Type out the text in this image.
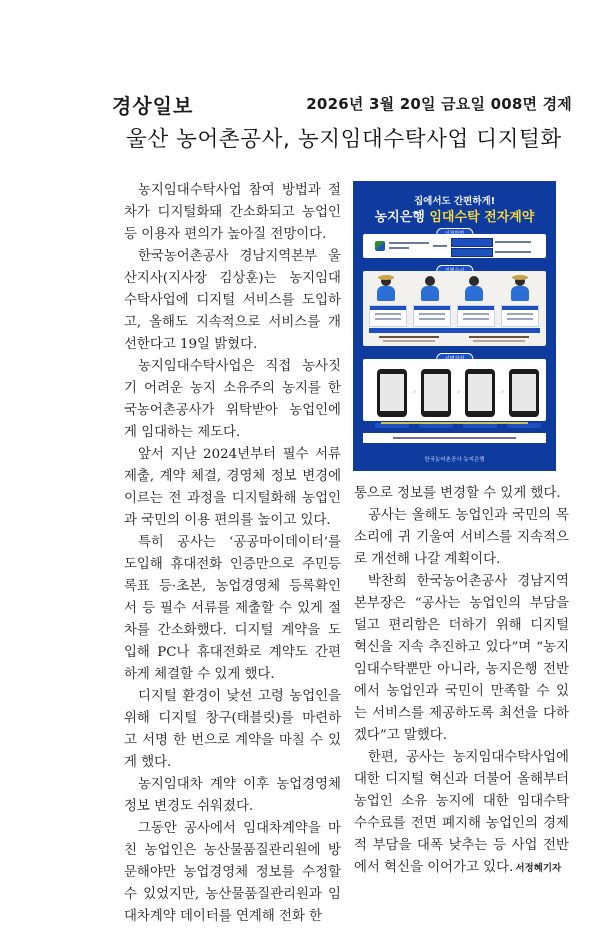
경상일보	2026년 3월 20일 금요일 008면 경제
울산 농어촌공사, 농지임대수탁사업 디지털화

농지임대수탁사업 참여 방법과 절
차가 디지털화돼 간소화되고 농업인
등 이용자 편의가 높아질 전망이다.

한국농어촌공사 경남지역본부 울
산지사(지사장 김상훈)는 농지임대
수탁사업에 디지털 서비스를 도입하
고, 올해도 지속적으로 서비스를 개
선한다고 19일 밝혔다.

농지임대수탁사업은 직접 농사짓
기 어려운 농지 소유주의 농지를 한
국농어촌공사가 위탁받아 농업인에
게 임대하는 제도다.

앞서 지난 2024년부터 필수 서류
제출, 계약 체결, 경영체 정보 변경에
이르는 전 과정을 디지털화해 농업인
과 국민의 이용 편의를 높이고 있다.

특히 공사는 ‘공공마이데이터’를
도입해 휴대전화 인증만으로 주민등
록표 등·초본, 농업경영체 등록확인
서 등 필수 서류를 제출할 수 있게 절
차를 간소화했다. 디지털 계약을 도
입해 PC나 휴대전화로 계약도 간편
하게 체결할 수 있게 했다.

디지털 환경이 낯선 고령 농업인을
위해 디지털 창구(태블릿)를 마련하
고 서명 한 번으로 계약을 마칠 수 있
게 했다.

농지임대차 계약 이후 농업경영체
정보 변경도 쉬워졌다.

그동안 공사에서 임대차계약을 마
친 농업인은 농산물품질관리원에 방
문해야만 농업경영체 정보를 수정할
수 있었지만, 농산물품질관리원과 임
대차계약 데이터를 연계해 전화 한

집에서도 간편하게!
농지은행 임대수탁 전자계약
›	›	›
한국농어촌공사 농지은행

통으로 정보를 변경할 수 있게 했다.

공사는 올해도 농업인과 국민의 목
소리에 귀 기울여 서비스를 지속적으
로 개선해 나갈 계획이다.

박찬희 한국농어촌공사 경남지역
본부장은 “공사는 농업인의 부담을
덜고 편리함은 더하기 위해 디지털
혁신을 지속 추진하고 있다”며 “농지
임대수탁뿐만 아니라, 농지은행 전반
에서 농업인과 국민이 만족할 수 있
는 서비스를 제공하도록 최선을 다하
겠다”고 말했다.

한편, 공사는 농지임대수탁사업에
대한 디지털 혁신과 더불어 올해부터
농업인 소유 농지에 대한 임대수탁
수수료를 전면 폐지해 농업인의 경제
적 부담을 대폭 낮추는 등 사업 전반
에서 혁신을 이어가고 있다. 서정혜기자
